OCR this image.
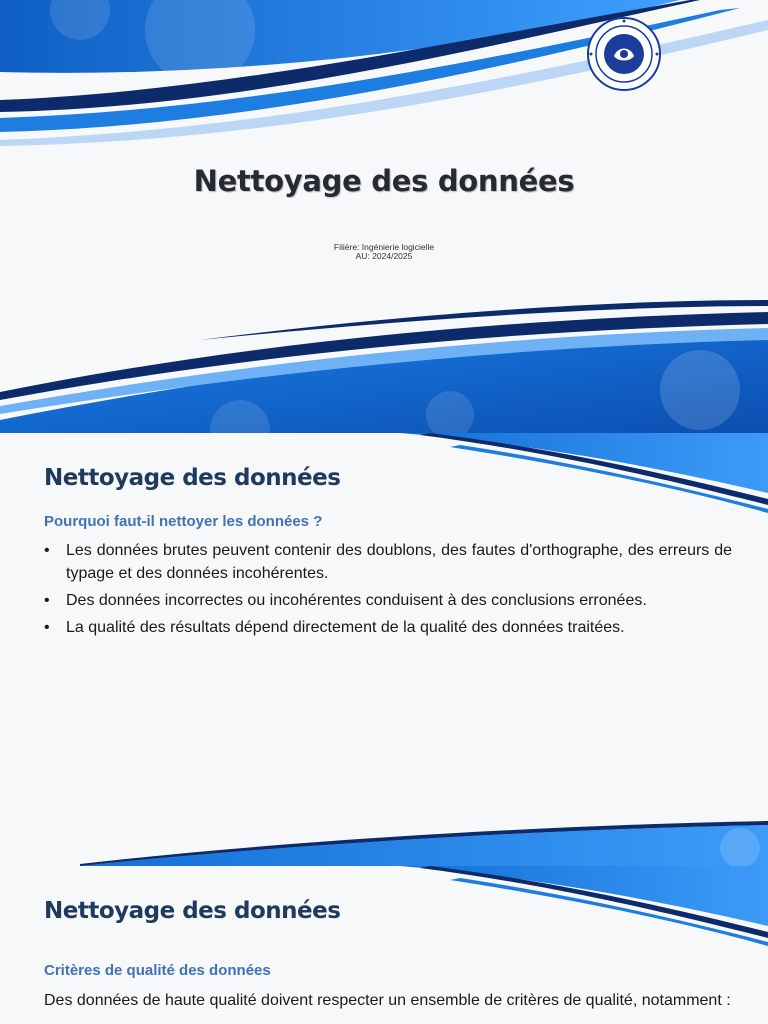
Nettoyage des données
Filière: Ingénierie logicielle
AU: 2024/2025
Nettoyage des données
Pourquoi faut-il nettoyer les données ?
• Les données brutes peuvent contenir des doublons, des fautes d'orthographe, des erreurs de typage et des données incohérentes.
• Des données incorrectes ou incohérentes conduisent à des conclusions erronées.
• La qualité des résultats dépend directement de la qualité des données traitées.
Nettoyage des données
Critères de qualité des données
Des données de haute qualité doivent respecter un ensemble de critères de qualité, notamment :
